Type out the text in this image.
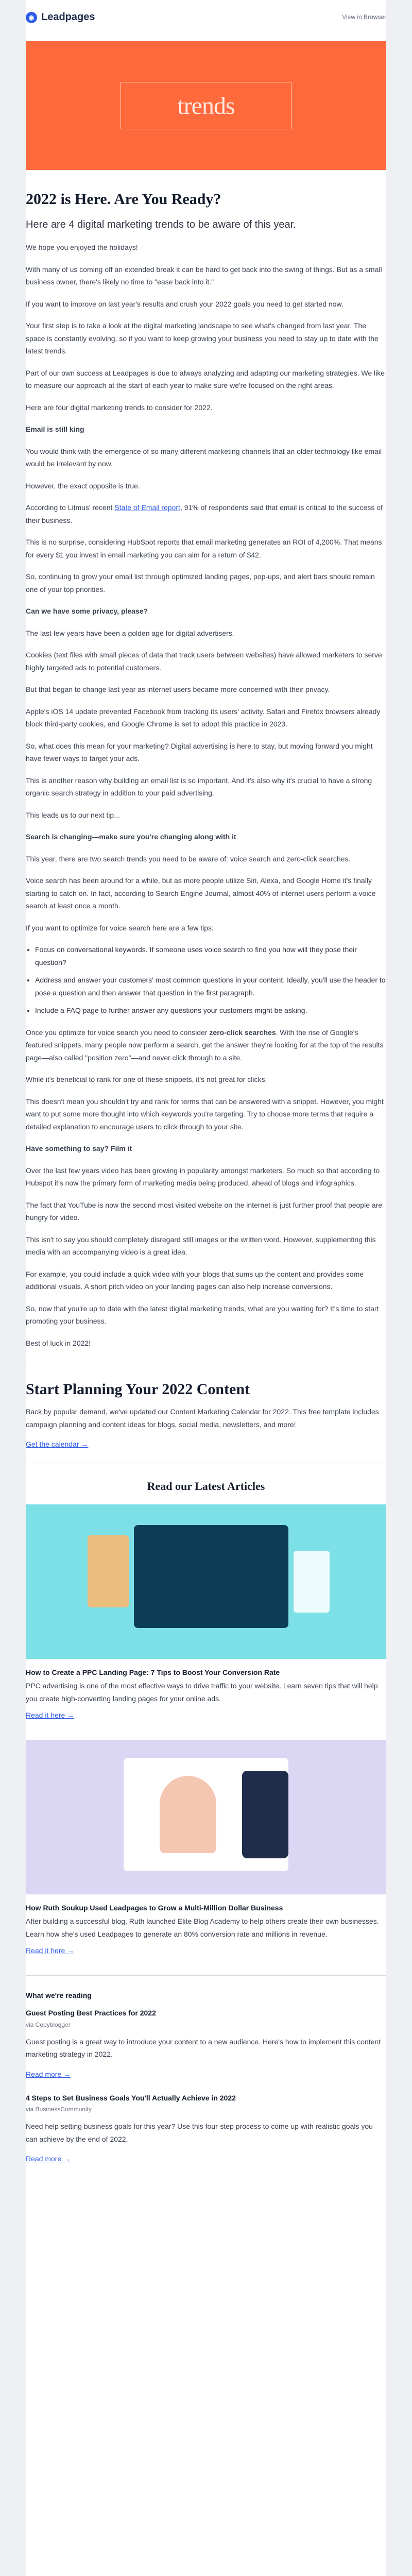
◉ Leadpages	View in Browser
trends
2022 is Here. Are You Ready?
Here are 4 digital marketing trends to be aware of this year.

We hope you enjoyed the holidays!

With many of us coming off an extended break it can be hard to get back into the swing of things. But as a small business owner, there's likely no time to "ease back into it."

If you want to improve on last year's results and crush your 2022 goals you need to get started now.

Your first step is to take a look at the digital marketing landscape to see what's changed from last year. The space is constantly evolving, so if you want to keep growing your business you need to stay up to date with the latest trends.

Part of our own success at Leadpages is due to always analyzing and adapting our marketing strategies. We like to measure our approach at the start of each year to make sure we're focused on the right areas.

Here are four digital marketing trends to consider for 2022.

Email is still king

You would think with the emergence of so many different marketing channels that an older technology like email would be irrelevant by now.

However, the exact opposite is true.

According to Litmus' recent State of Email report, 91% of respondents said that email is critical to the success of their business.

This is no surprise, considering HubSpot reports that email marketing generates an ROI of 4,200%. That means for every $1 you invest in email marketing you can aim for a return of $42.

So, continuing to grow your email list through optimized landing pages, pop-ups, and alert bars should remain one of your top priorities.

Can we have some privacy, please?

The last few years have been a golden age for digital advertisers.

Cookies (text files with small pieces of data that track users between websites) have allowed marketers to serve highly targeted ads to potential customers.

But that began to change last year as internet users became more concerned with their privacy.

Apple's iOS 14 update prevented Facebook from tracking its users' activity. Safari and Firefox browsers already block third-party cookies, and Google Chrome is set to adopt this practice in 2023.

So, what does this mean for your marketing? Digital advertising is here to stay, but moving forward you might have fewer ways to target your ads.

This is another reason why building an email list is so important. And it's also why it's crucial to have a strong organic search strategy in addition to your paid advertising.

This leads us to our next tip...

Search is changing—make sure you're changing along with it

This year, there are two search trends you need to be aware of: voice search and zero-click searches.

Voice search has been around for a while, but as more people utilize Siri, Alexa, and Google Home it's finally starting to catch on. In fact, according to Search Engine Journal, almost 40% of internet users perform a voice search at least once a month.

If you want to optimize for voice search here are a few tips:

• Focus on conversational keywords. If someone uses voice search to find you how will they pose their question?
• Address and answer your customers' most common questions in your content. Ideally, you'll use the header to pose a question and then answer that question in the first paragraph.
• Include a FAQ page to further answer any questions your customers might be asking.

Once you optimize for voice search you need to consider zero-click searches. With the rise of Google's featured snippets, many people now perform a search, get the answer they're looking for at the top of the results page—also called "position zero"—and never click through to a site.

While it's beneficial to rank for one of these snippets, it's not great for clicks.

This doesn't mean you shouldn't try and rank for terms that can be answered with a snippet. However, you might want to put some more thought into which keywords you're targeting. Try to choose more terms that require a detailed explanation to encourage users to click through to your site.

Have something to say? Film it

Over the last few years video has been growing in popularity amongst marketers. So much so that according to Hubspot it's now the primary form of marketing media being produced, ahead of blogs and infographics.

The fact that YouTube is now the second most visited website on the internet is just further proof that people are hungry for video.

This isn't to say you should completely disregard still images or the written word. However, supplementing this media with an accompanying video is a great idea.

For example, you could include a quick video with your blogs that sums up the content and provides some additional visuals. A short pitch video on your landing pages can also help increase conversions.

So, now that you're up to date with the latest digital marketing trends, what are you waiting for? It's time to start promoting your business.

Best of luck in 2022!

Start Planning Your 2022 Content

Back by popular demand, we've updated our Content Marketing Calendar for 2022. This free template includes campaign planning and content ideas for blogs, social media, newsletters, and more!

Get the calendar →
Read our Latest Articles
How to Create a PPC Landing Page: 7 Tips to Boost Your Conversion Rate
PPC advertising is one of the most effective ways to drive traffic to your website. Learn seven tips that will help you create high-converting landing pages for your online ads.
Read it here →
How Ruth Soukup Used Leadpages to Grow a Multi-Million Dollar Business
After building a successful blog, Ruth launched Elite Blog Academy to help others create their own businesses. Learn how she's used Leadpages to generate an 80% conversion rate and millions in revenue.
Read it here →
What we're reading

Guest Posting Best Practices for 2022

via Copyblogger

Guest posting is a great way to introduce your content to a new audience. Here's how to implement this content marketing strategy in 2022.

Read more →

4 Steps to Set Business Goals You'll Actually Achieve in 2022

via BusinessCommunity

Need help setting business goals for this year? Use this four-step process to come up with realistic goals you can achieve by the end of 2022.

Read more →
